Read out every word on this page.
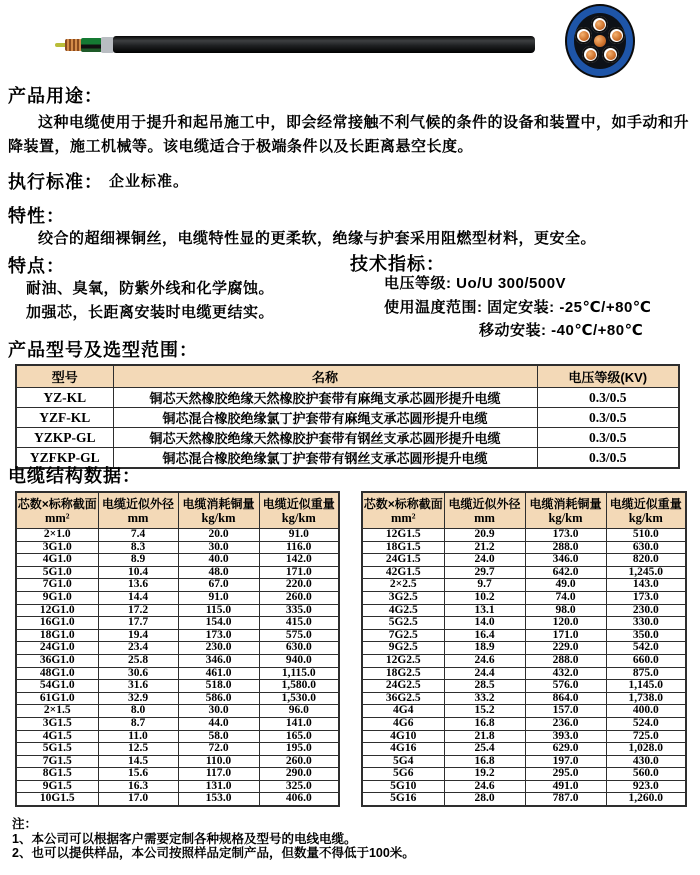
产品用途：
这种电缆使用于提升和起吊施工中，即会经常接触不利气候的条件的设备和装置中，如手动和升降装置，施工机械等。该电缆适合于极端条件以及长距离悬空长度。
执行标准： 企业标准。
特性：
绞合的超细裸铜丝，电缆特性显的更柔软，绝缘与护套采用阻燃型材料，更安全。
特点：
耐油、臭氧，防紫外线和化学腐蚀。
加强芯，长距离安装时电缆更结实。
技术指标：
电压等级: Uo/U 300/500V
使用温度范围: 固定安装: -25℃/+80℃
移动安装: -40℃/+80℃
产品型号及选型范围：
型号	名称	电压等级(KV)
YZ-KL	铜芯天然橡胶绝缘天然橡胶护套带有麻绳支承芯圆形提升电缆	0.3/0.5
YZF-KL	铜芯混合橡胶绝缘氯丁护套带有麻绳支承芯圆形提升电缆	0.3/0.5
YZKP-GL	铜芯天然橡胶绝缘天然橡胶护套带有钢丝支承芯圆形提升电缆	0.3/0.5
YZFKP-GL	铜芯混合橡胶绝缘氯丁护套带有钢丝支承芯圆形提升电缆	0.3/0.5
电缆结构数据：
芯数×标称截面
mm²

电缆近似外径
mm

电缆消耗铜量
kg/km

电缆近似重量
kg/km

2×1.0	7.4	20.0	91.0
3G1.0	8.3	30.0	116.0
4G1.0	8.9	40.0	142.0
5G1.0	10.4	48.0	171.0
7G1.0	13.6	67.0	220.0
9G1.0	14.4	91.0	260.0
12G1.0	17.2	115.0	335.0
16G1.0	17.7	154.0	415.0
18G1.0	19.4	173.0	575.0
24G1.0	23.4	230.0	630.0
36G1.0	25.8	346.0	940.0
48G1.0	30.6	461.0	1,115.0
54G1.0	31.6	518.0	1,580.0
61G1.0	32.9	586.0	1,530.0
2×1.5	8.0	30.0	96.0
3G1.5	8.7	44.0	141.0
4G1.5	11.0	58.0	165.0
5G1.5	12.5	72.0	195.0
7G1.5	14.5	110.0	260.0
8G1.5	15.6	117.0	290.0
9G1.5	16.3	131.0	325.0
10G1.5	17.0	153.0	406.0
芯数×标称截面
mm²

电缆近似外径
mm

电缆消耗铜量
kg/km

电缆近似重量
kg/km

12G1.5	20.9	173.0	510.0
18G1.5	21.2	288.0	630.0
24G1.5	24.0	346.0	820.0
42G1.5	29.7	642.0	1,245.0
2×2.5	9.7	49.0	143.0
3G2.5	10.2	74.0	173.0
4G2.5	13.1	98.0	230.0
5G2.5	14.0	120.0	330.0
7G2.5	16.4	171.0	350.0
9G2.5	18.9	229.0	542.0
12G2.5	24.6	288.0	660.0
18G2.5	24.4	432.0	875.0
24G2.5	28.5	576.0	1,145.0
36G2.5	33.2	864.0	1,738.0
4G4	15.2	157.0	400.0
4G6	16.8	236.0	524.0
4G10	21.8	393.0	725.0
4G16	25.4	629.0	1,028.0
5G4	16.8	197.0	430.0
5G6	19.2	295.0	560.0
5G10	24.6	491.0	923.0
5G16	28.0	787.0	1,260.0
注：
1、本公司可以根据客户需要定制各种规格及型号的电线电缆。
2、也可以提供样品，本公司按照样品定制产品，但数量不得低于100米。
